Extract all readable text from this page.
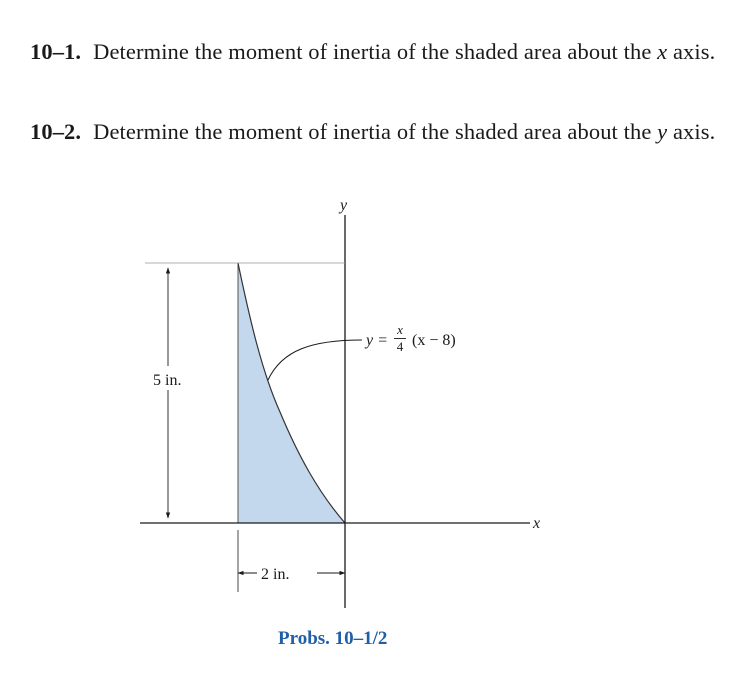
10–1. Determine the moment of inertia of the shaded area about the x axis.
10–2. Determine the moment of inertia of the shaded area about the y axis.
y
x
5 in.
2 in.
y =
x
4 (x − 8)
Probs. 10–1/2
